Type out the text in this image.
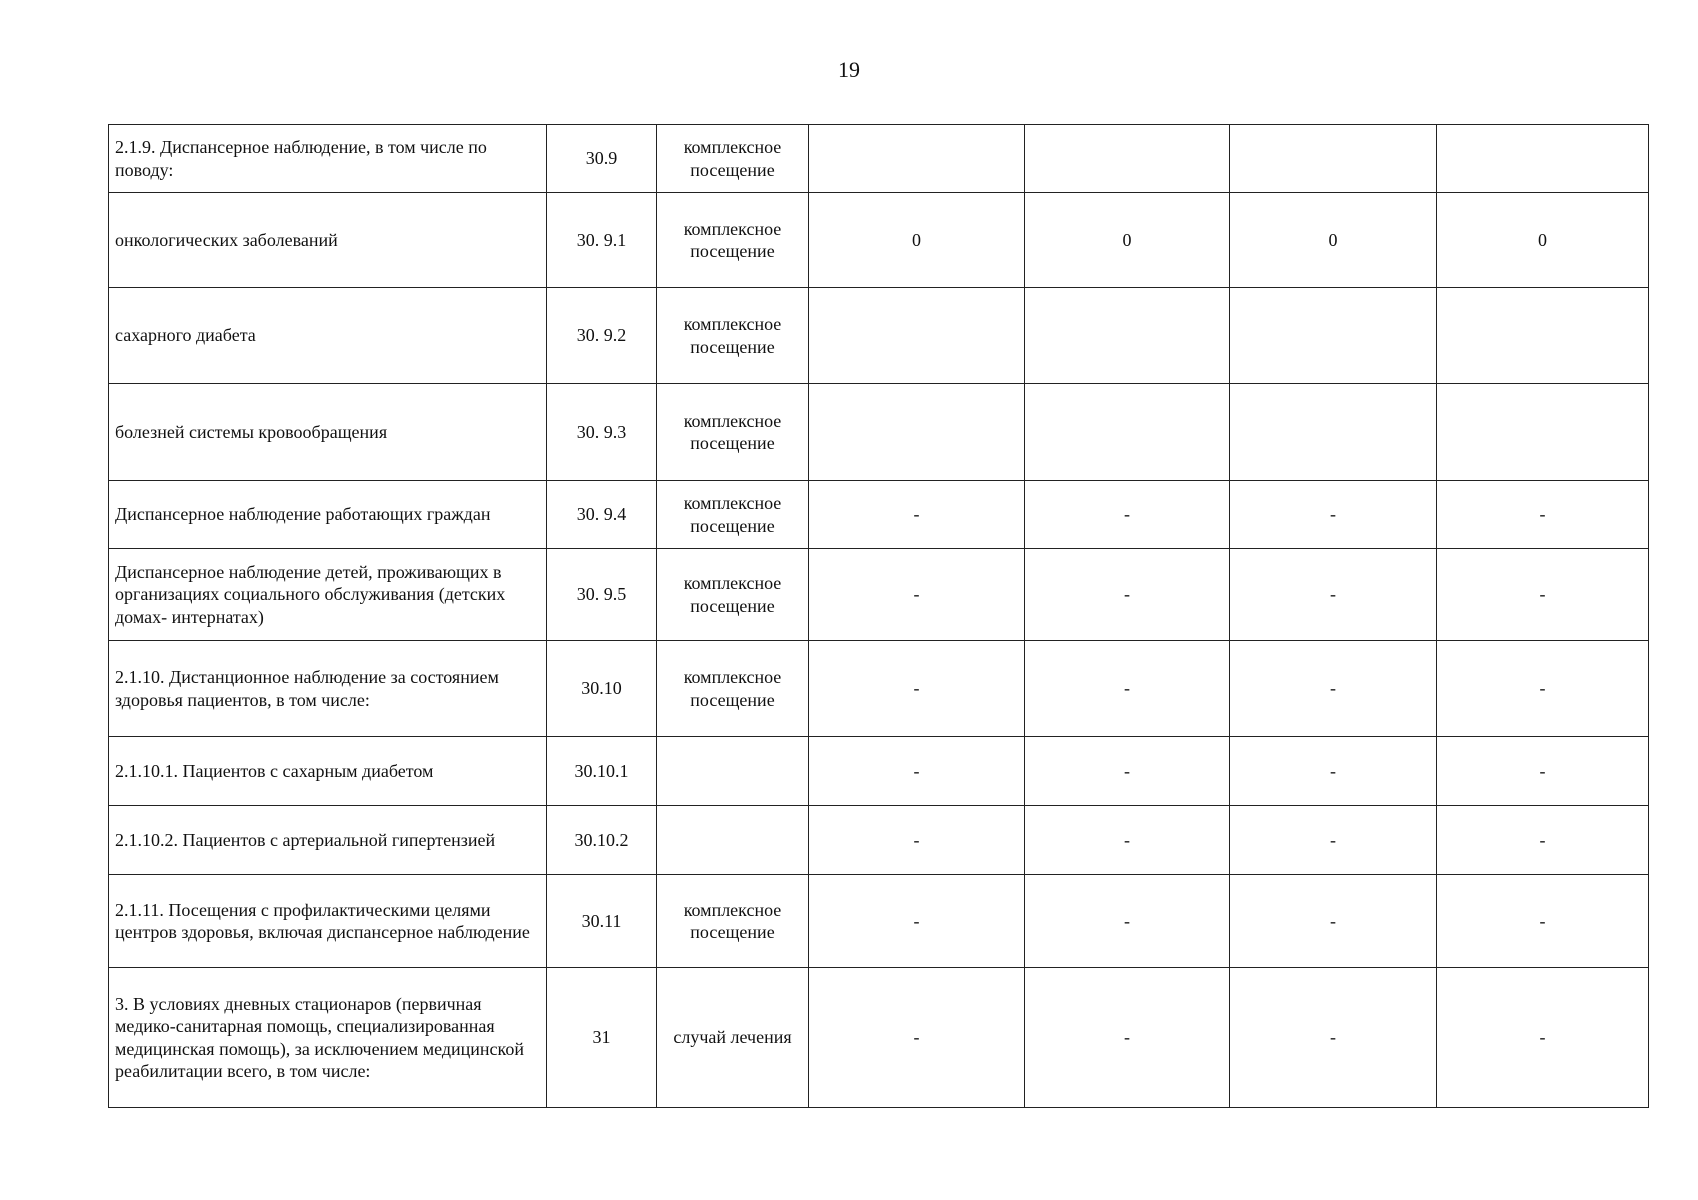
19
2.1.9. Диспансерное наблюдение, в том числе по поводу:	30.9	комплексное посещение				
онкологических заболеваний	30. 9.1	комплексное посещение	0	0	0	0
сахарного диабета	30. 9.2	комплексное посещение				
болезней системы кровообращения	30. 9.3	комплексное посещение				
Диспансерное наблюдение работающих граждан	30. 9.4	комплексное посещение	-	-	-	-
Диспансерное наблюдение детей, проживающих в организациях социального обслуживания (детских домах- интернатах)	30. 9.5	комплексное посещение	-	-	-	-
2.1.10. Дистанционное наблюдение за состоянием здоровья пациентов, в том числе:	30.10	комплексное посещение	-	-	-	-
2.1.10.1. Пациентов с сахарным диабетом	30.10.1		-	-	-	-
2.1.10.2. Пациентов с артериальной гипертензией	30.10.2		-	-	-	-
2.1.11. Посещения с профилактическими целями центров здоровья, включая диспансерное наблюдение	30.11	комплексное посещение	-	-	-	-
3. В условиях дневных стационаров (первичная медико-санитарная помощь, специализированная медицинская помощь), за исключением медицинской реабилитации всего, в том числе:	31	случай лечения	-	-	-	-
